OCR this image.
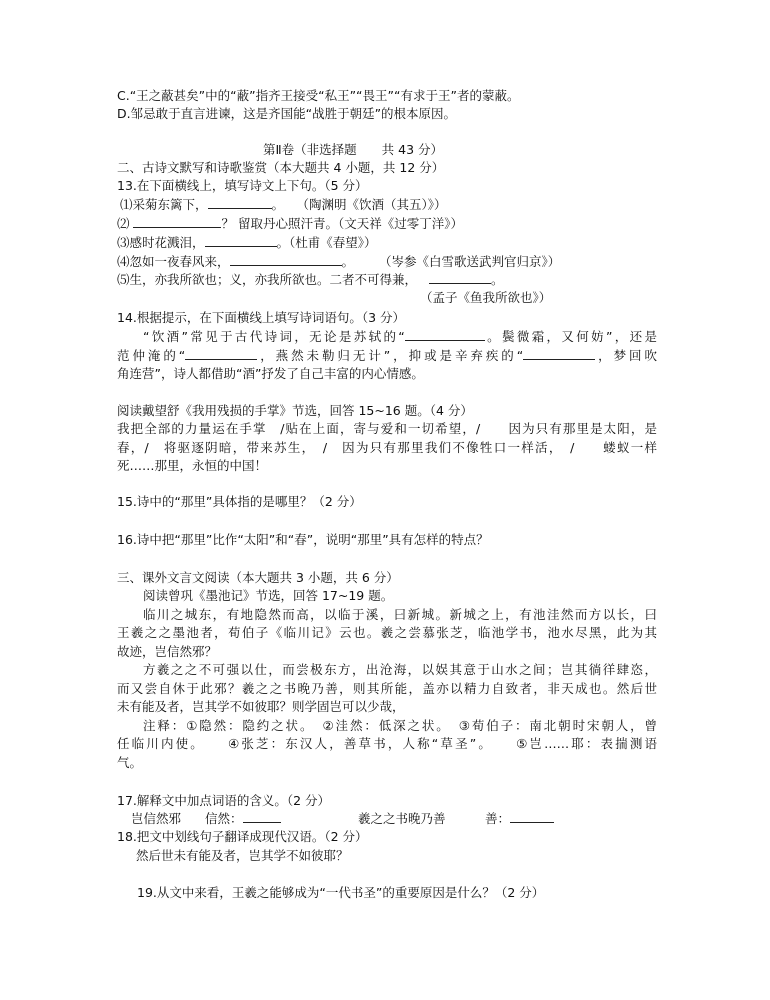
C.“王之蔽甚矣”中的“蔽”指齐王接受“私王”“畏王”“有求于王”者的蒙蔽。
D.邹忌敢于直言进谏，这是齐国能“战胜于朝廷”的根本原因。
第Ⅱ卷（非选择题　　共 43 分）
二、古诗文默写和诗歌鉴赏（本大题共 4 小题，共 12 分）
13.在下面横线上，填写诗文上下句。（5 分）
⑴采菊东篱下，	。　　（陶渊明《饮酒（其五）》）
⑵	？ 留取丹心照汗青。（文天祥《过零丁洋》）
⑶感时花溅泪，	。（杜甫《春望》）
⑷忽如一夜春风来，	。　　　（岑参《白雪歌送武判官归京》）
⑸生，亦我所欲也；义，亦我所欲也。二者不可得兼，	。
（孟子《鱼我所欲也》）
14.根据提示，在下面横线上填写诗词语句。（3 分）
“饮酒”常见于古代诗词，无论是苏轼的“	。鬓微霜，又何妨”，还是
范仲淹的“	，燕然未勒归无计”，抑或是辛弃疾的“	，梦回吹
角连营”，诗人都借助“酒”抒发了自己丰富的内心情感。
阅读戴望舒《我用残损的手掌》节选，回答 15~16 题。（4 分）
我把全部的力量运在手掌　/贴在上面，寄与爱和一切希望，/　　因为只有那里是太阳，是
春，/　将驱逐阴暗，带来苏生，　/　因为只有那里我们不像牲口一样活，　/　　蝼蚁一样
死……那里，永恒的中国！
15.诗中的“那里”具体指的是哪里？（2 分）
16.诗中把“那里”比作“太阳”和“春”，说明“那里”具有怎样的特点？
三、课外文言文阅读（本大题共 3 小题，共 6 分）
阅读曾巩《墨池记》节选，回答 17~19 题。
临川之城东，有地隐然而高，以临于溪，曰新城。新城之上，有池洼然而方以长，曰
王羲之之墨池者，荀伯子《临川记》云也。羲之尝慕张芝，临池学书，池水尽黑，此为其
故迹，岂信然邪？
方羲之之不可强以仕，而尝极东方，出沧海，以娱其意于山水之间；岂其徜徉肆恣，
而又尝自休于此邪？羲之之书晚乃善，则其所能，盖亦以精力自致者，非天成也。然后世
未有能及者，岂其学不如彼耶？则学固岂可以少哉，
注释：①隐然：隐约之状。　②洼然：低深之状。　③荀伯子：南北朝时宋朝人，曾
任临川内使。　　④张芝：东汉人，善草书，人称“草圣”。　　⑤岂……耶：表揣测语
气。
17.解释文中加点词语的含义。（2 分）
岂信然邪 信然：	羲之之书晚乃善	善：
18.把文中划线句子翻译成现代汉语。（2 分）
然后世未有能及者，岂其学不如彼耶？
19.从文中来看，王羲之能够成为“一代书圣”的重要原因是什么？（2 分）
